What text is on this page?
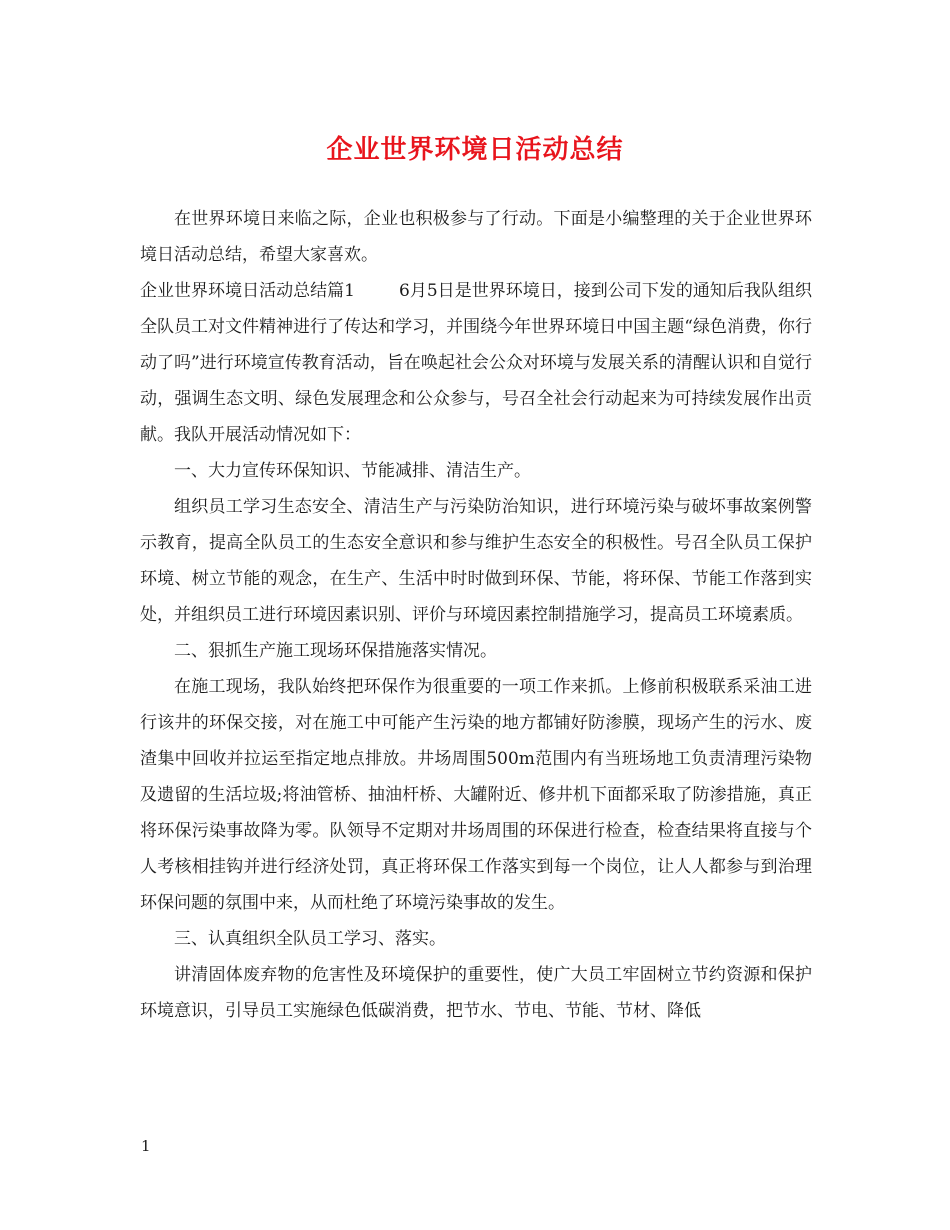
企业世界环境日活动总结

在世界环境日来临之际，企业也积极参与了行动。下面是小编整理的关于企业世界环境日活动总结，希望大家喜欢。

企业世界环境日活动总结篇1	6月5日是世界环境日，接到公司下发的通知后我队组织全队员工对文件精神进行了传达和学习，并围绕今年世界环境日中国主题“绿色消费，你行动了吗”进行环境宣传教育活动，旨在唤起社会公众对环境与发展关系的清醒认识和自觉行动，强调生态文明、绿色发展理念和公众参与，号召全社会行动起来为可持续发展作出贡献。我队开展活动情况如下：

一、大力宣传环保知识、节能减排、清洁生产。

组织员工学习生态安全、清洁生产与污染防治知识，进行环境污染与破坏事故案例警示教育，提高全队员工的生态安全意识和参与维护生态安全的积极性。号召全队员工保护环境、树立节能的观念，在生产、生活中时时做到环保、节能，将环保、节能工作落到实处，并组织员工进行环境因素识别、评价与环境因素控制措施学习，提高员工环境素质。

二、狠抓生产施工现场环保措施落实情况。

在施工现场，我队始终把环保作为很重要的一项工作来抓。上修前积极联系采油工进行该井的环保交接，对在施工中可能产生污染的地方都铺好防渗膜，现场产生的污水、废渣集中回收并拉运至指定地点排放。井场周围500m范围内有当班场地工负责清理污染物及遗留的生活垃圾;将油管桥、抽油杆桥、大罐附近、修井机下面都采取了防渗措施，真正将环保污染事故降为零。队领导不定期对井场周围的环保进行检查，检查结果将直接与个人考核相挂钩并进行经济处罚，真正将环保工作落实到每一个岗位，让人人都参与到治理环保问题的氛围中来，从而杜绝了环境污染事故的发生。

三、认真组织全队员工学习、落实。

讲清固体废弃物的危害性及环境保护的重要性，使广大员工牢固树立节约资源和保护环境意识，引导员工实施绿色低碳消费，把节水、节电、节能、节材、降低

1
